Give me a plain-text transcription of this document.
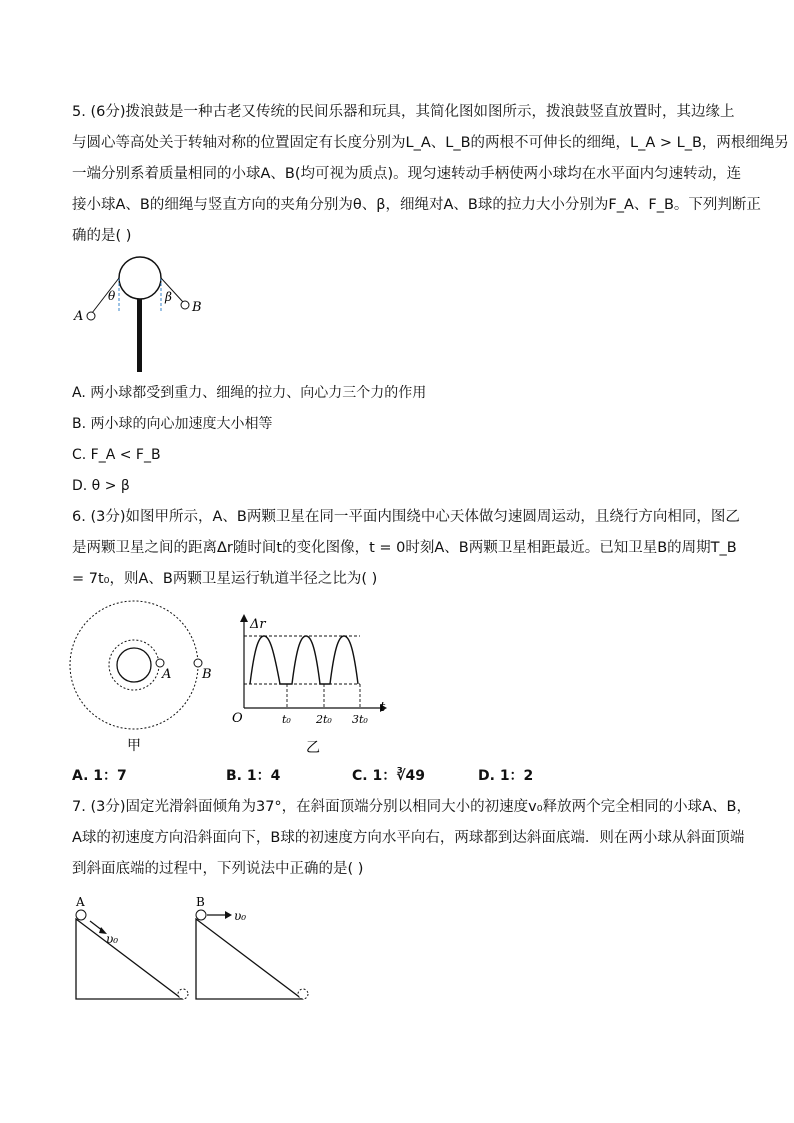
5. (6分)拨浪鼓是一种古老又传统的民间乐器和玩具，其简化图如图所示，拨浪鼓竖直放置时，其边缘上
与圆心等高处关于转轴对称的位置固定有长度分别为L_A、L_B的两根不可伸长的细绳，L_A > L_B，两根细绳另
一端分别系着质量相同的小球A、B(均可视为质点)。现匀速转动手柄使两小球均在水平面内匀速转动，连
接小球A、B的细绳与竖直方向的夹角分别为θ、β，细绳对A、B球的拉力大小分别为F_A、F_B。下列判断正
确的是( )
θ	β
A
B
A. 两小球都受到重力、细绳的拉力、向心力三个力的作用
B. 两小球的向心加速度大小相等
C. F_A < F_B
D. θ > β
6. (3分)如图甲所示，A、B两颗卫星在同一平面内围绕中心天体做匀速圆周运动，且绕行方向相同，图乙
是两颗卫星之间的距离Δr随时间t的变化图像，t = 0时刻A、B两颗卫星相距最近。已知卫星B的周期T_B
= 7t₀，则A、B两颗卫星运行轨道半径之比为( )
A B
甲
Δr
t
O	t₀ 2t₀ 3t₀
乙
A. 1：7	B. 1：4	C. 1：∛49	D. 1：2
7. (3分)固定光滑斜面倾角为37°，在斜面顶端分别以相同大小的初速度v₀释放两个完全相同的小球A、B，
A球的初速度方向沿斜面向下，B球的初速度方向水平向右，两球都到达斜面底端．则在两小球从斜面顶端
到斜面底端的过程中，下列说法中正确的是( )
A
υ₀
B
υ₀
